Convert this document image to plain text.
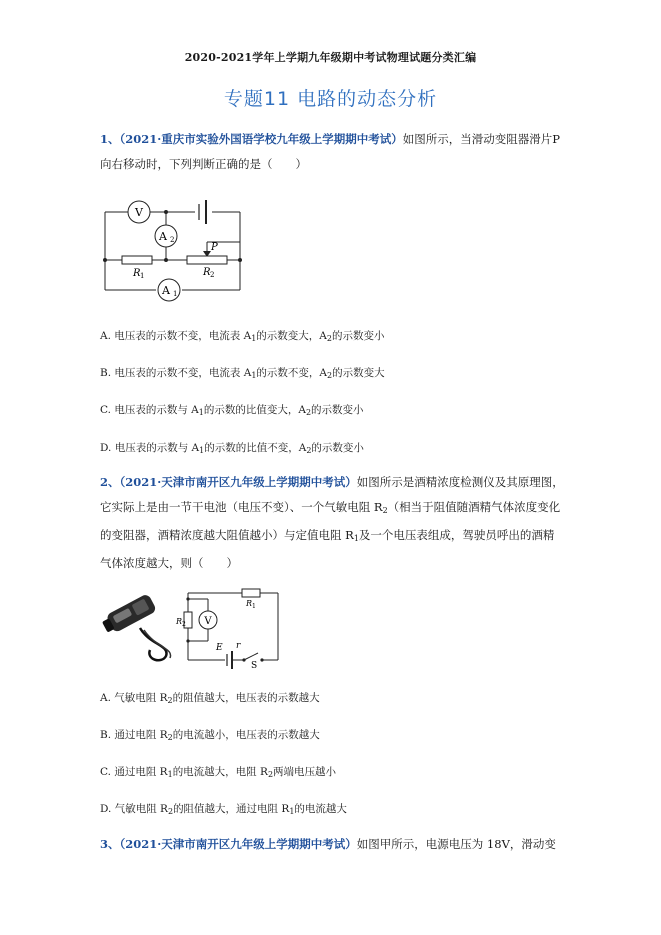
2020-2021学年上学期九年级期中考试物理试题分类汇编
专题11 电路的动态分析
1、（2021·重庆市实验外国语学校九年级上学期期中考试）如图所示，当滑动变阻器滑片P
向右移动时，下列判断正确的是（　　）
V
A 2
A 1
R 1	R 2
P
A. 电压表的示数不变，电流表 $A_1$的示数变大，$A_2$的示数变小
B. 电压表的示数不变，电流表 $A_1$的示数不变，$A_2$的示数变大
C. 电压表的示数与 $A_1$的示数的比值变大，$A_2$的示数变小
D. 电压表的示数与 $A_1$的示数的比值不变，$A_2$的示数变小
2、（2021·天津市南开区九年级上学期期中考试）如图所示是酒精浓度检测仪及其原理图，
它实际上是由一节干电池（电压不变）、一个气敏电阻 $R_2$（相当于阻值随酒精气体浓度变化
的变阻器，酒精浓度越大阻值越小）与定值电阻 $R_1$及一个电压表组成，驾驶员呼出的酒精
气体浓度越大，则（　　）
V
R 1
R 2
E r
S
A. 气敏电阻 $R_2$的阻值越大，电压表的示数越大
B. 通过电阻 $R_2$的电流越小，电压表的示数越大
C. 通过电阻 $R_1$的电流越大，电阻 $R_2$两端电压越小
D. 气敏电阻 $R_2$的阻值越大，通过电阻 $R_1$的电流越大
3、（2021·天津市南开区九年级上学期期中考试）如图甲所示，电源电压为 18V，滑动变
